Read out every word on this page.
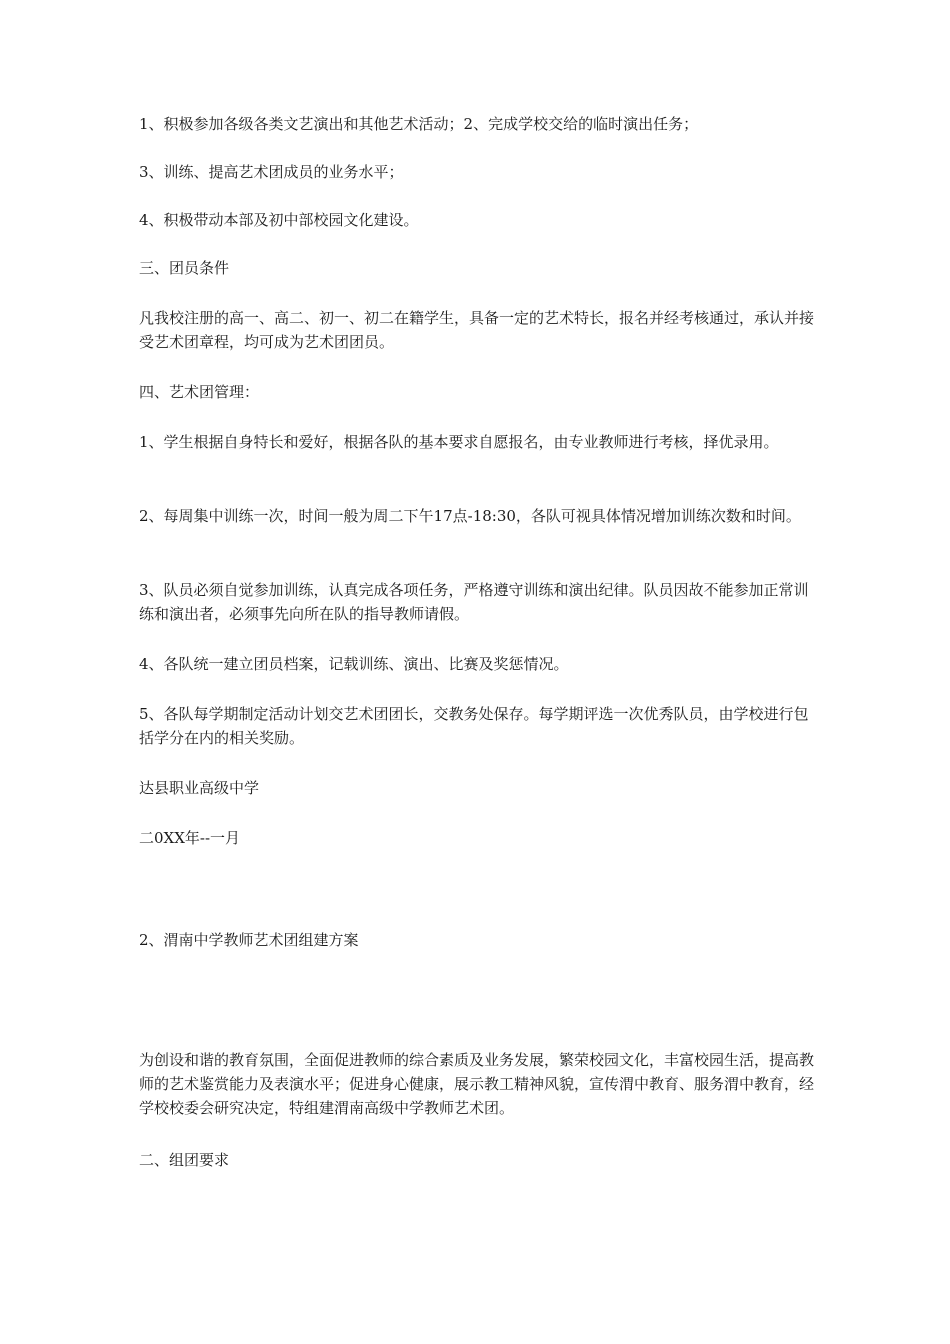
1、积极参加各级各类文艺演出和其他艺术活动；2、完成学校交给的临时演出任务；

3、训练、提高艺术团成员的业务水平；

4、积极带动本部及初中部校园文化建设。

三、团员条件

凡我校注册的高一、高二、初一、初二在籍学生，具备一定的艺术特长，报名并经考核通过，承认并接受艺术团章程，均可成为艺术团团员。

四、艺术团管理：

1、学生根据自身特长和爱好，根据各队的基本要求自愿报名，由专业教师进行考核，择优录用。

2、每周集中训练一次，时间一般为周二下午17点-18:30，各队可视具体情况增加训练次数和时间。

3、队员必须自觉参加训练，认真完成各项任务，严格遵守训练和演出纪律。队员因故不能参加正常训练和演出者，必须事先向所在队的指导教师请假。

4、各队统一建立团员档案，记载训练、演出、比赛及奖惩情况。

5、各队每学期制定活动计划交艺术团团长，交教务处保存。每学期评选一次优秀队员，由学校进行包括学分在内的相关奖励。

达县职业高级中学

二0XX年--一月

2、渭南中学教师艺术团组建方案

为创设和谐的教育氛围，全面促进教师的综合素质及业务发展，繁荣校园文化，丰富校园生活，提高教师的艺术鉴赏能力及表演水平；促进身心健康，展示教工精神风貌，宣传渭中教育、服务渭中教育，经学校校委会研究决定，特组建渭南高级中学教师艺术团。

二、组团要求
